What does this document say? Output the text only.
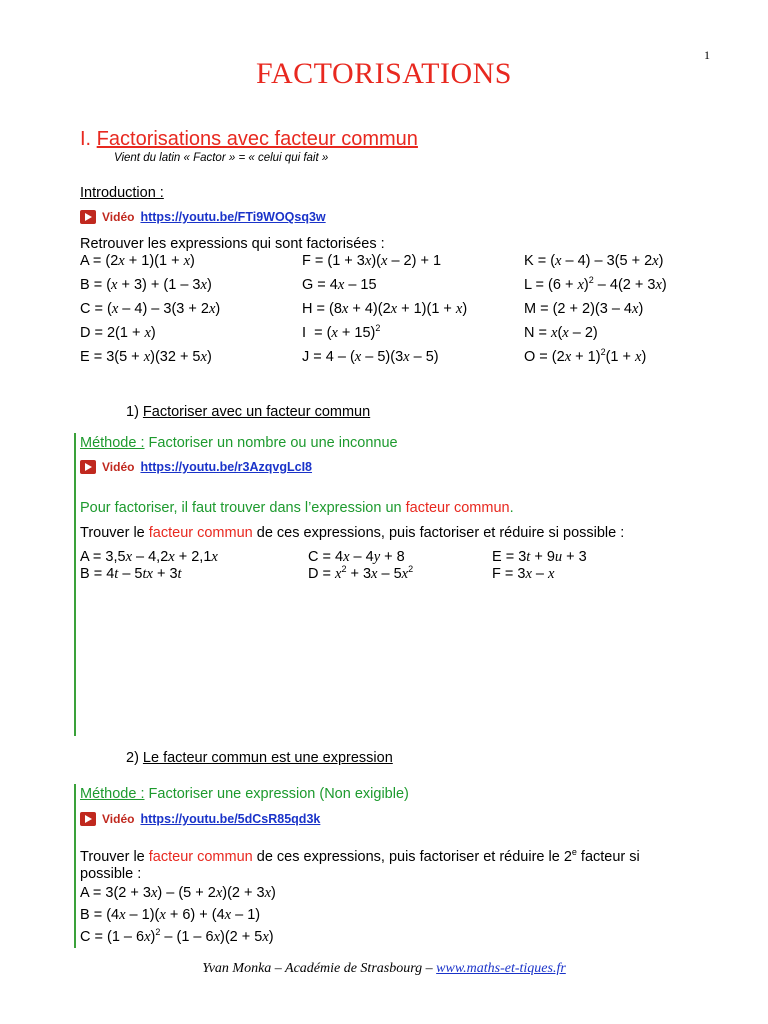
1
FACTORISATIONS
I. Factorisations avec facteur commun
Vient du latin « Factor » = « celui qui fait »
Introduction :
Vidéo https://youtu.be/FTi9WOQsq3w
Retrouver les expressions qui sont factorisées :
A = (2x + 1)(1 + x)
B = (x + 3) + (1 – 3x)
C = (x – 4) – 3(3 + 2x)
D = 2(1 + x)
E = 3(5 + x)(32 + 5x)
F = (1 + 3x)(x – 2) + 1
G = 4x – 15
H = (8x + 4)(2x + 1)(1 + x)
$I = (x + 15)^2$
J = 4 – (x – 5)(3x – 5)
K = (x – 4) – 3(5 + 2x)
$L = (6 + x)^2 - 4(2 + 3x)$
M = (2 + 2)(3 – 4x)
N = x(x – 2)
$O = (2x + 1)^2(1 + x)$
1) Factoriser avec un facteur commun
Méthode : Factoriser un nombre ou une inconnue
Vidéo https://youtu.be/r3AzqvgLcI8
Pour factoriser, il faut trouver dans l’expression un facteur commun.
Trouver le facteur commun de ces expressions, puis factoriser et réduire si possible :
A = 3,5x – 4,2x + 2,1x
B = 4t – 5tx + 3t
C = 4x – 4y + 8
$D = x^2 + 3x - 5x^2$
E = 3t + 9u + 3
F = 3x – x
2) Le facteur commun est une expression
Méthode : Factoriser une expression (Non exigible)
Vidéo https://youtu.be/5dCsR85qd3k
Trouver le facteur commun de ces expressions, puis factoriser et réduire le 2e facteur si
possible :
A = 3(2 + 3x) – (5 + 2x)(2 + 3x)
B = (4x – 1)(x + 6) + (4x – 1)
C = (1 – 6x)$^2$ – (1 – 6x)(2 + 5x)
Yvan Monka – Académie de Strasbourg – www.maths-et-tiques.fr
